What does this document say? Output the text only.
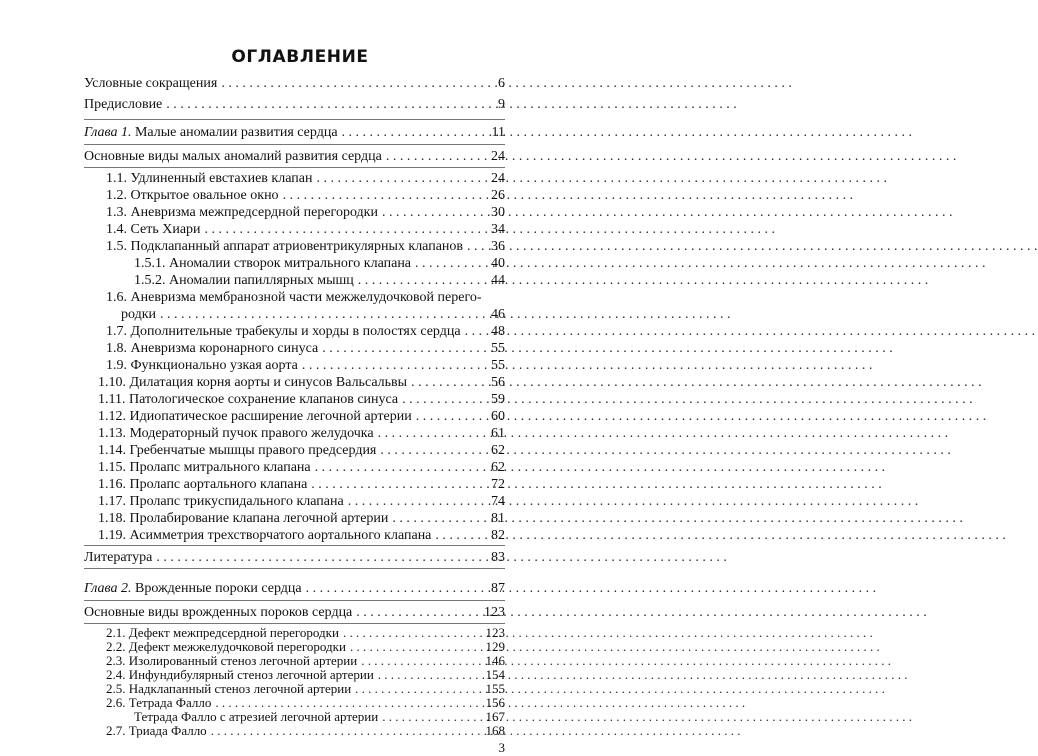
ОГЛАВЛЕНИЕ
Условные сокращения . . .	6
Предисловие . . .	9
Глава 1. Малые аномалии развития сердца . . .	11
Основные виды малых аномалий развития сердца . . .	24
1.1. Удлиненный евстахиев клапан . . .	24
1.2. Открытое овальное окно . . .	26
1.3. Аневризма межпредсердной перегородки . . .	30
1.4. Сеть Хиари . . .	34
1.5. Подклапанный аппарат атриовентрикулярных клапанов . . . 36
1.5.1. Аномалии створок митрального клапана . . .	40
1.5.2. Аномалии папиллярных мышц . . .	44
1.6. Аневризма мембранозной части межжелудочковой перего-
родки . . .	46
1.7. Дополнительные трабекулы и хорды в полостях сердца . . . 48
1.8. Аневризма коронарного синуса . . .	55
1.9. Функционально узкая аорта . . .	55
1.10. Дилатация корня аорты и синусов Вальсальвы . . .	56
1.11. Патологическое сохранение клапанов синуса . . .	59
1.12. Идиопатическое расширение легочной артерии . . .	60
1.13. Модераторный пучок правого желудочка . . .	61
1.14. Гребенчатые мышцы правого предсердия . . .	62
1.15. Пролапс митрального клапана . . .	62
1.16. Пролапс аортального клапана . . .	72
1.17. Пролапс трикуспидального клапана . . .	74
1.18. Пролабирование клапана легочной артерии . . .	81
1.19. Асимметрия трехстворчатого аортального клапана . . .	82
Литература . . .	83
Глава 2. Врожденные пороки сердца . . .	87
Основные виды врожденных пороков сердца . . .	123
2.1. Дефект межпредсердной перегородки . . .	123
2.2. Дефект межжелудочковой перегородки . . .	129
2.3. Изолированный стеноз легочной артерии . . .	146
2.4. Инфундибулярный стеноз легочной артерии . . .	154
3
2.5. Надклапанный стеноз легочной артерии . . .	155
2.6. Тетрада Фалло . . .	156
Тетрада Фалло с атрезией легочной артерии . . .	167
2.7. Триада Фалло . . .	168
